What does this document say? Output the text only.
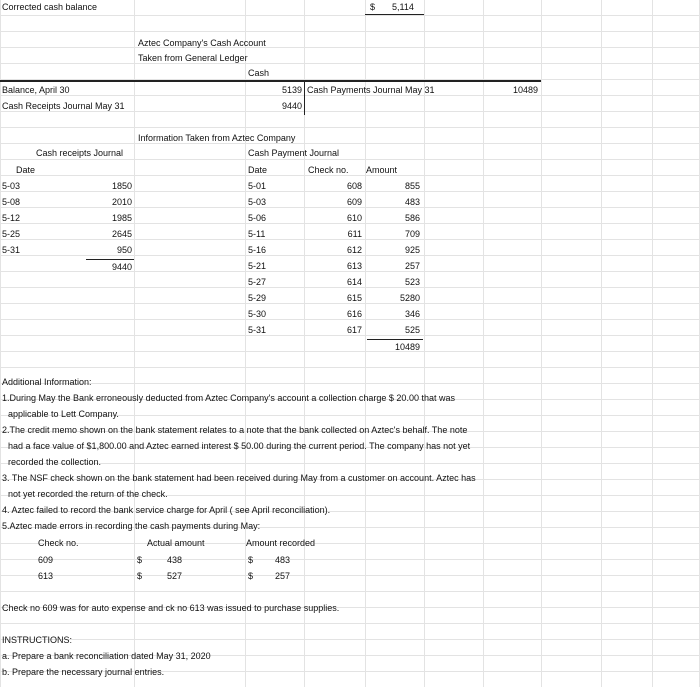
Corrected cash balance	$ 5,114
Aztec Company's Cash Account
Taken from General Ledger
Cash
Balance, April 30	5139
Cash Receipts Journal May 31	9440
Cash Payments Journal May 31	10489
Information Taken from Aztec Company
Cash receipts Journal
Date
5-03	1850
5-08	2010
5-12	1985
5-25	2645
5-31	950
9440
Cash Payment Journal
Date	Check no. Amount
5-01	608	855
5-03	609	483
5-06	610	586
5-11	611	709
5-16	612	925
5-21	613	257
5-27	614	523
5-29	615	5280
5-30	616	346
5-31	617	525
10489
Additional Information:
1.During May the Bank erroneously deducted from Aztec Company's account a collection charge $ 20.00 that was
applicable to Lett Company.
2.The credit memo shown on the bank statement relates to a note that the bank collected on Aztec's behalf. The note
had a face value of $1,800.00 and Aztec earned interest $ 50.00 during the current period. The company has not yet
recorded the collection.
3. The NSF check shown on the bank statement had been received during May from a customer on account. Aztec has
not yet recorded the return of the check.
4. Aztec failed to record the bank service charge for April ( see April reconciliation).
5.Aztec made errors in recording the cash payments during May:
Check no.	Actual amount	Amount recorded
609	$	438	$	483
613	$	527	$	257
Check no 609 was for auto expense and ck no 613 was issued to purchase supplies.
INSTRUCTIONS:
a. Prepare a bank reconciliation dated May 31, 2020
b. Prepare the necessary journal entries.
